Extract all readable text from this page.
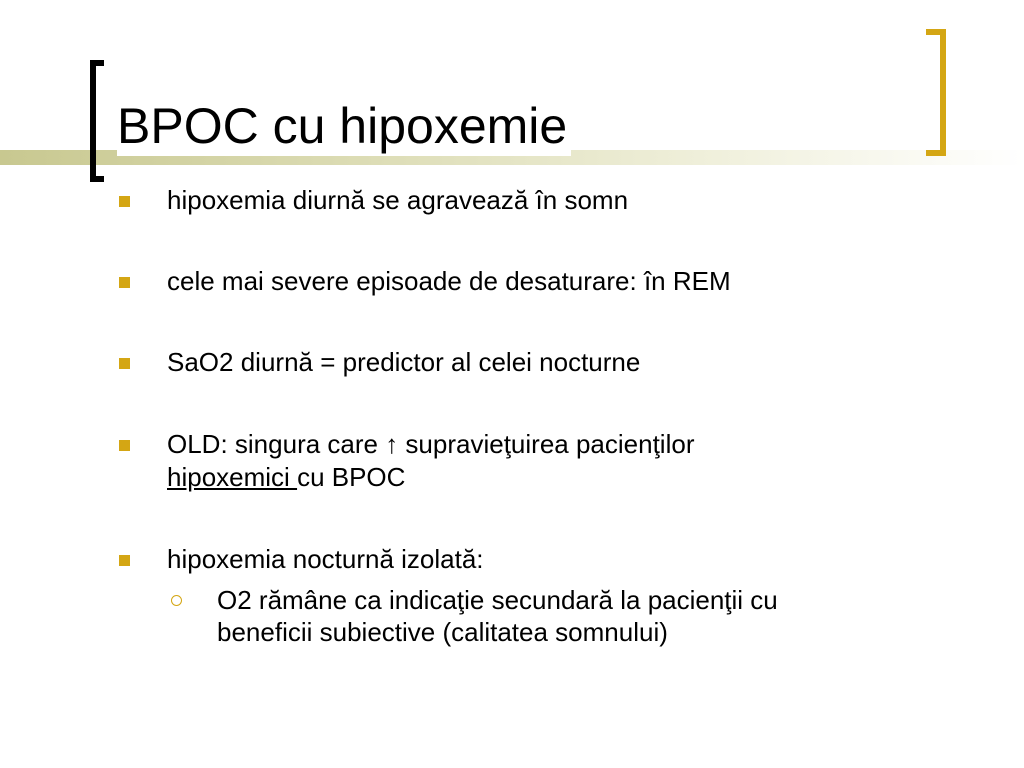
BPOC cu hipoxemie
hipoxemia diurnă se agravează în somn
cele mai severe episoade de desaturare: în REM
SaO2 diurnă = predictor al celei nocturne
OLD: singura care ↑ supravieţuirea pacienţilor
hipoxemici cu BPOC
hipoxemia nocturnă izolată:
O2 rămâne ca indicaţie secundară la pacienţii cu
beneficii subiective (calitatea somnului)
